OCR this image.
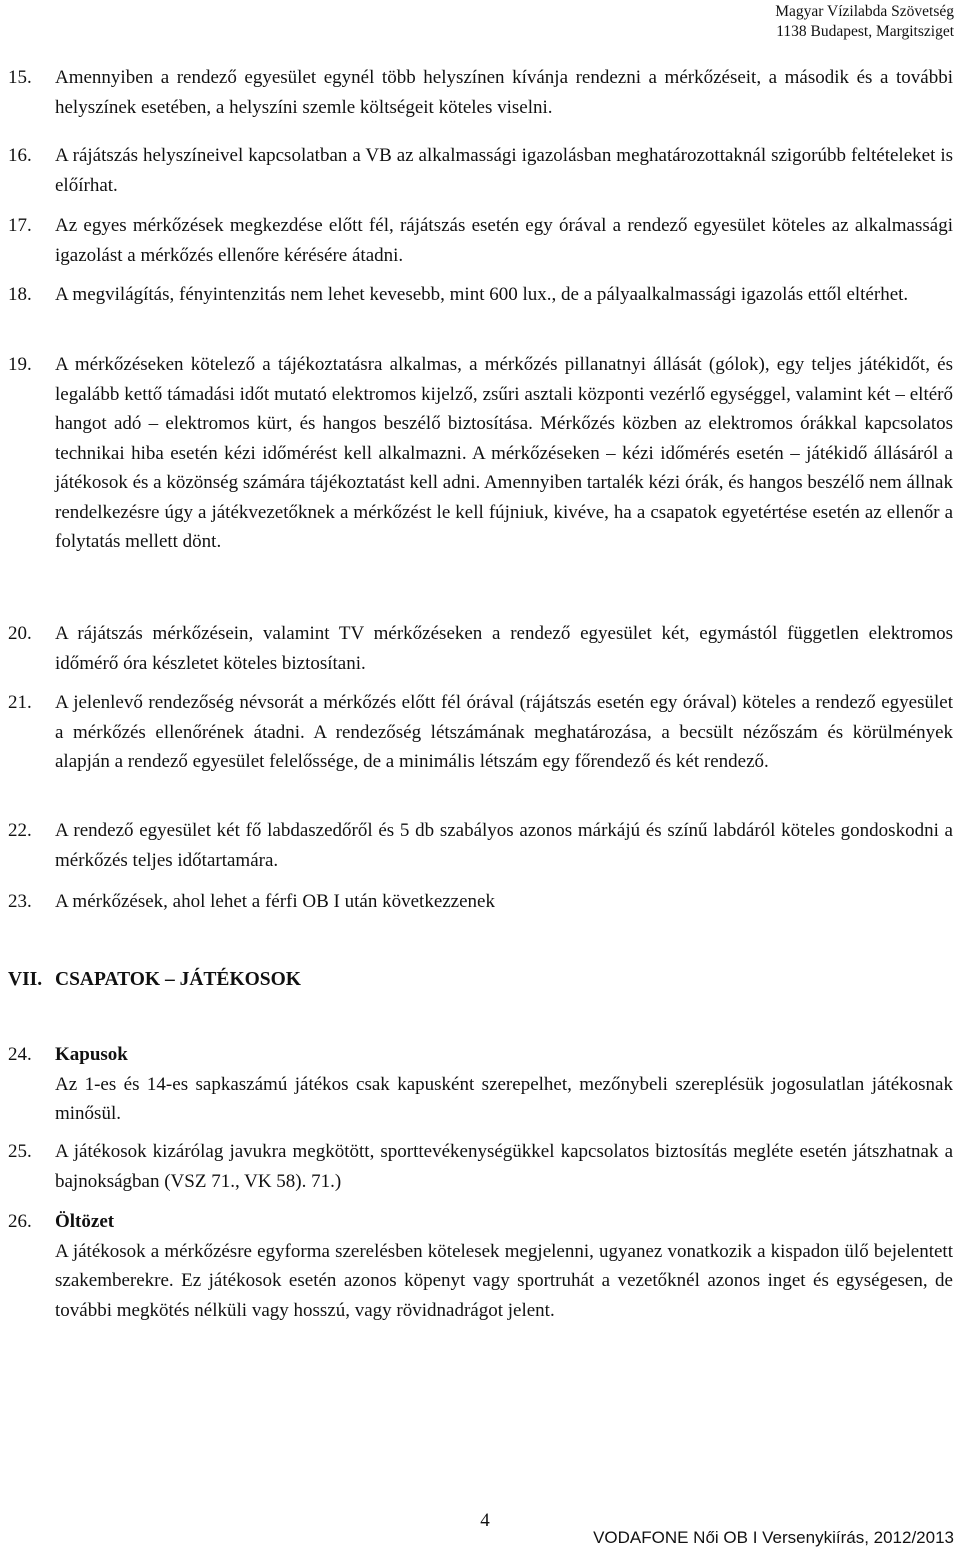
Magyar Vízilabda Szövetség
1138 Budapest, Margitsziget
15. Amennyiben a rendező egyesület egynél több helyszínen kívánja rendezni a mérkőzéseit, a második és a további helyszínek esetében, a helyszíni szemle költségeit köteles viselni.
16. A rájátszás helyszíneivel kapcsolatban a VB az alkalmassági igazolásban meghatározottaknál szigorúbb feltételeket is előírhat.
17. Az egyes mérkőzések megkezdése előtt fél, rájátszás esetén egy órával a rendező egyesület köteles az alkalmassági igazolást a mérkőzés ellenőre kérésére átadni.
18. A megvilágítás, fényintenzitás nem lehet kevesebb, mint 600 lux., de a pályaalkalmassági igazolás ettől eltérhet.
19. A mérkőzéseken kötelező a tájékoztatásra alkalmas, a mérkőzés pillanatnyi állását (gólok), egy teljes játékidőt, és legalább kettő támadási időt mutató elektromos kijelző, zsűri asztali központi vezérlő egységgel, valamint két – eltérő hangot adó – elektromos kürt, és hangos beszélő biztosítása. Mérkőzés közben az elektromos órákkal kapcsolatos technikai hiba esetén kézi időmérést kell alkalmazni. A mérkőzéseken – kézi időmérés esetén – játékidő állásáról a játékosok és a közönség számára tájékoztatást kell adni. Amennyiben tartalék kézi órák, és hangos beszélő nem állnak rendelkezésre úgy a játékvezetőknek a mérkőzést le kell fújniuk, kivéve, ha a csapatok egyetértése esetén az ellenőr a folytatás mellett dönt.
20. A rájátszás mérkőzésein, valamint TV mérkőzéseken a rendező egyesület két, egymástól független elektromos időmérő óra készletet köteles biztosítani.
21. A jelenlevő rendezőség névsorát a mérkőzés előtt fél órával (rájátszás esetén egy órával) köteles a rendező egyesület a mérkőzés ellenőrének átadni. A rendezőség létszámának meghatározása, a becsült nézőszám és körülmények alapján a rendező egyesület felelőssége, de a minimális létszám egy főrendező és két rendező.
22. A rendező egyesület két fő labdaszedőről és 5 db szabályos azonos márkájú és színű labdáról köteles gondoskodni a mérkőzés teljes időtartamára.
23. A mérkőzések, ahol lehet a férfi OB I után következzenek
VII. CSAPATOK – JÁTÉKOSOK
24. Kapusok
Az 1-es és 14-es sapkaszámú játékos csak kapusként szerepelhet, mezőnybeli szereplésük jogosulatlan játékosnak minősül.
25. A játékosok kizárólag javukra megkötött, sporttevékenységükkel kapcsolatos biztosítás megléte esetén játszhatnak a bajnokságban (VSZ 71., VK 58). 71.)
26. Öltözet
A játékosok a mérkőzésre egyforma szerelésben kötelesek megjelenni, ugyanez vonatkozik a kispadon ülő bejelentett szakemberekre. Ez játékosok esetén azonos köpenyt vagy sportruhát a vezetőknél azonos inget és egységesen, de további megkötés nélküli vagy hosszú, vagy rövidnadrágot jelent.
4
VODAFONE Női OB I Versenykiírás, 2012/2013
